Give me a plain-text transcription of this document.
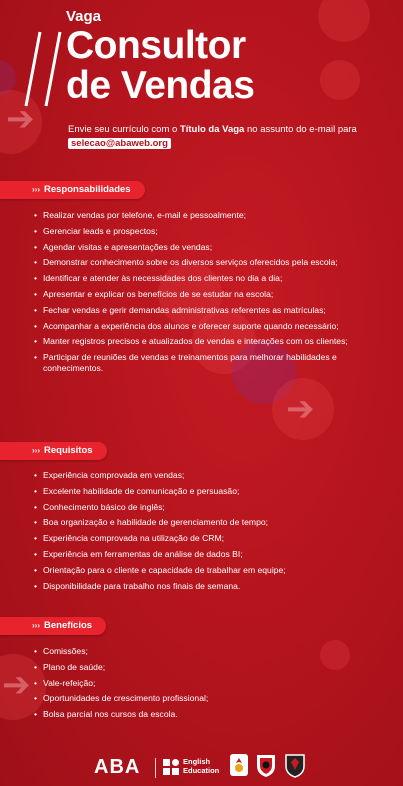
➔
➔
➔
Vaga
Consultor
de Vendas
Envie seu currículo com o Título da Vaga no assunto do e-mail para selecao@abaweb.org
››› Responsabilidades
• Realizar vendas por telefone, e-mail e pessoalmente;
• Gerenciar leads e prospectos;
• Agendar visitas e apresentações de vendas;
• Demonstrar conhecimento sobre os diversos serviços oferecidos pela escola;
• Identificar e atender às necessidades dos clientes no dia a dia;
• Apresentar e explicar os benefícios de se estudar na escola;
• Fechar vendas e gerir demandas administrativas referentes as matrículas;
• Acompanhar a experiência dos alunos e oferecer suporte quando necessário;
• Manter registros precisos e atualizados de vendas e interações com os clientes;
• Participar de reuniões de vendas e treinamentos para melhorar habilidades e conhecimentos.
››› Requisitos
• Experiência comprovada em vendas;
• Excelente habilidade de comunicação e persuasão;
• Conhecimento básico de inglês;
• Boa organização e habilidade de gerenciamento de tempo;
• Experiência comprovada na utilização de CRM;
• Experiência em ferramentas de análise de dados BI;
• Orientação para o cliente e capacidade de trabalhar em equipe;
• Disponibilidade para trabalho nos finais de semana.
››› Benefícios
• Comissões;
• Plano de saúde;
• Vale-refeição;
• Oportunidades de crescimento profissional;
• Bolsa parcial nos cursos da escola.
ABA	English
Education
